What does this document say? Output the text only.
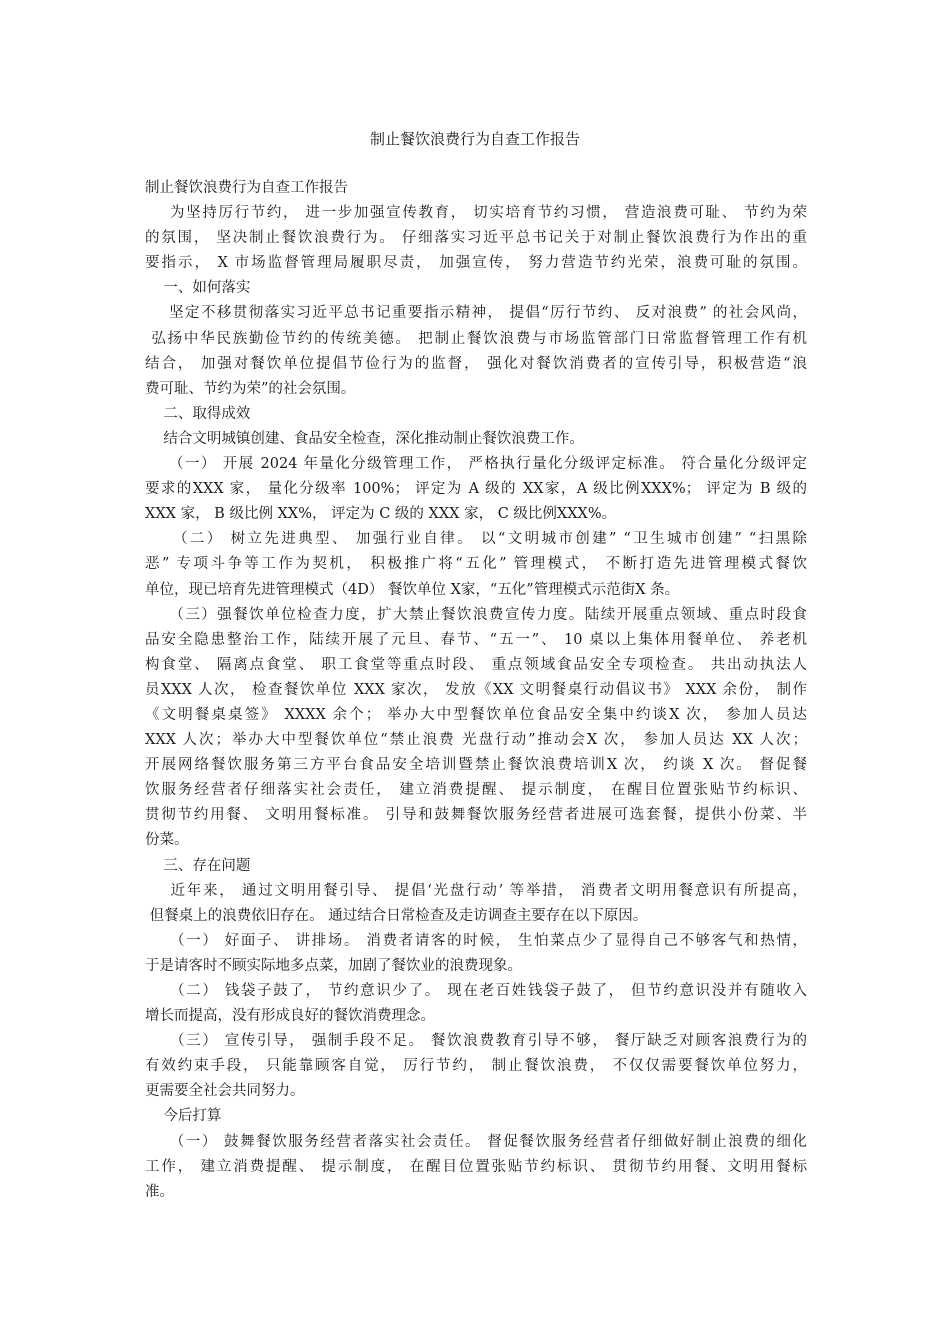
制止餐饮浪费行为自查工作报告
制止餐饮浪费行为自查工作报告
为坚持厉行节约， 进一步加强宣传教育， 切实培育节约习惯， 营造浪费可耻、 节约为荣
的氛围， 坚决制止餐饮浪费行为。 仔细落实习近平总书记关于对制止餐饮浪费行为作出的重
要指示， X 市场监督管理局履职尽责， 加强宣传， 努力营造节约光荣，浪费可耻的氛围。
一、如何落实
坚定不移贯彻落实习近平总书记重要指示精神， 提倡“厉行节约、 反对浪费” 的社会风尚，
弘扬中华民族勤俭节约的传统美德。 把制止餐饮浪费与市场监管部门日常监督管理工作有机
结合， 加强对餐饮单位提倡节俭行为的监督， 强化对餐饮消费者的宣传引导，积极营造“浪
费可耻、节约为荣”的社会氛围。
二、取得成效
结合文明城镇创建、食品安全检查，深化推动制止餐饮浪费工作。
（一） 开展 2024 年量化分级管理工作， 严格执行量化分级评定标准。 符合量化分级评定
要求的XXX 家， 量化分级率 100%； 评定为 A 级的 XX家，A 级比例XXX%； 评定为 B 级的
XXX 家， B 级比例 XX%， 评定为 C 级的 XXX 家， C 级比例XXX%。
（二） 树立先进典型、 加强行业自律。 以“文明城市创建” “卫生城市创建” “扫黑除
恶” 专项斗争等工作为契机， 积极推广将“五化” 管理模式， 不断打造先进管理模式餐饮
单位，现已培育先进管理模式（4D） 餐饮单位 X家，“五化”管理模式示范街X 条。
（三）强餐饮单位检查力度，扩大禁止餐饮浪费宣传力度。陆续开展重点领域、重点时段食
品安全隐患整治工作，陆续开展了元旦、春节、“五一”、 10 桌以上集体用餐单位、 养老机
构食堂、 隔离点食堂、 职工食堂等重点时段、 重点领域食品安全专项检查。 共出动执法人
员XXX 人次， 检查餐饮单位 XXX 家次， 发放《XX 文明餐桌行动倡议书》 XXX 余份， 制作
《文明餐桌桌签》 XXXX 余个； 举办大中型餐饮单位食品安全集中约谈X 次， 参加人员达
XXX 人次；举办大中型餐饮单位“禁止浪费 光盘行动”推动会X 次， 参加人员达 XX 人次；
开展网络餐饮服务第三方平台食品安全培训暨禁止餐饮浪费培训X 次， 约谈 X 次。 督促餐
饮服务经营者仔细落实社会责任， 建立消费提醒、 提示制度， 在醒目位置张贴节约标识、
贯彻节约用餐、 文明用餐标准。 引导和鼓舞餐饮服务经营者进展可选套餐，提供小份菜、半
份菜。
三、存在问题
近年来， 通过文明用餐引导、 提倡‘光盘行动’ 等举措， 消费者文明用餐意识有所提高，
但餐桌上的浪费依旧存在。 通过结合日常检查及走访调查主要存在以下原因。
（一） 好面子、 讲排场。 消费者请客的时候， 生怕菜点少了显得自己不够客气和热情，
于是请客时不顾实际地多点菜，加剧了餐饮业的浪费现象。
（二） 钱袋子鼓了， 节约意识少了。 现在老百姓钱袋子鼓了， 但节约意识没并有随收入
增长而提高，没有形成良好的餐饮消费理念。
（三） 宣传引导， 强制手段不足。 餐饮浪费教育引导不够， 餐厅缺乏对顾客浪费行为的
有效约束手段， 只能靠顾客自觉， 厉行节约， 制止餐饮浪费， 不仅仅需要餐饮单位努力，
更需要全社会共同努力。
今后打算
（一） 鼓舞餐饮服务经营者落实社会责任。 督促餐饮服务经营者仔细做好制止浪费的细化
工作， 建立消费提醒、 提示制度， 在醒目位置张贴节约标识、 贯彻节约用餐、文明用餐标
准。
